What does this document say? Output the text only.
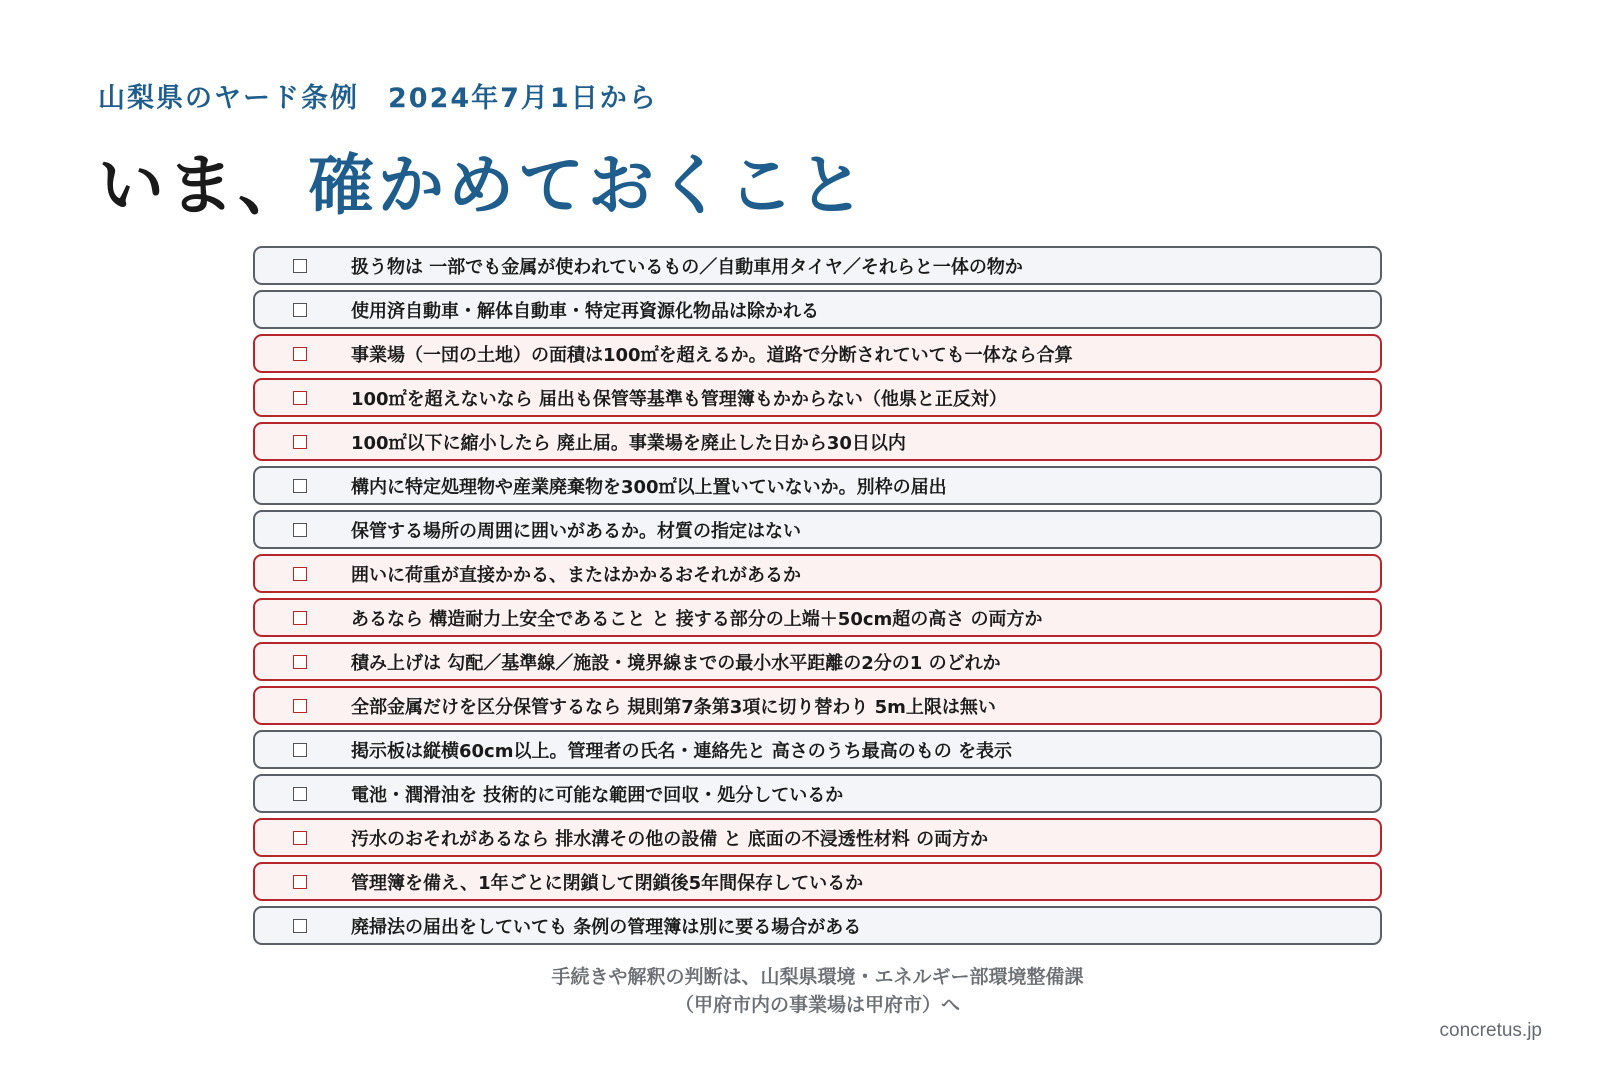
山梨県のヤード条例　2024年7月1日から
いま、確かめておくこと
扱う物は 一部でも金属が使われているもの／自動車用タイヤ／それらと一体の物か
使用済自動車・解体自動車・特定再資源化物品は除かれる
事業場（一団の土地）の面積は100㎡を超えるか。道路で分断されていても一体なら合算
100㎡を超えないなら 届出も保管等基準も管理簿もかからない（他県と正反対）
100㎡以下に縮小したら 廃止届。事業場を廃止した日から30日以内
構内に特定処理物や産業廃棄物を300㎡以上置いていないか。別枠の届出
保管する場所の周囲に囲いがあるか。材質の指定はない
囲いに荷重が直接かかる、またはかかるおそれがあるか
あるなら 構造耐力上安全であること と 接する部分の上端＋50cm超の高さ の両方か
積み上げは 勾配／基準線／施設・境界線までの最小水平距離の2分の1 のどれか
全部金属だけを区分保管するなら 規則第7条第3項に切り替わり 5m上限は無い
掲示板は縦横60cm以上。管理者の氏名・連絡先と 高さのうち最高のもの を表示
電池・潤滑油を 技術的に可能な範囲で回収・処分しているか
汚水のおそれがあるなら 排水溝その他の設備 と 底面の不浸透性材料 の両方か
管理簿を備え、1年ごとに閉鎖して閉鎖後5年間保存しているか
廃掃法の届出をしていても 条例の管理簿は別に要る場合がある
手続きや解釈の判断は、山梨県環境・エネルギー部環境整備課
（甲府市内の事業場は甲府市）へ
concretus.jp
